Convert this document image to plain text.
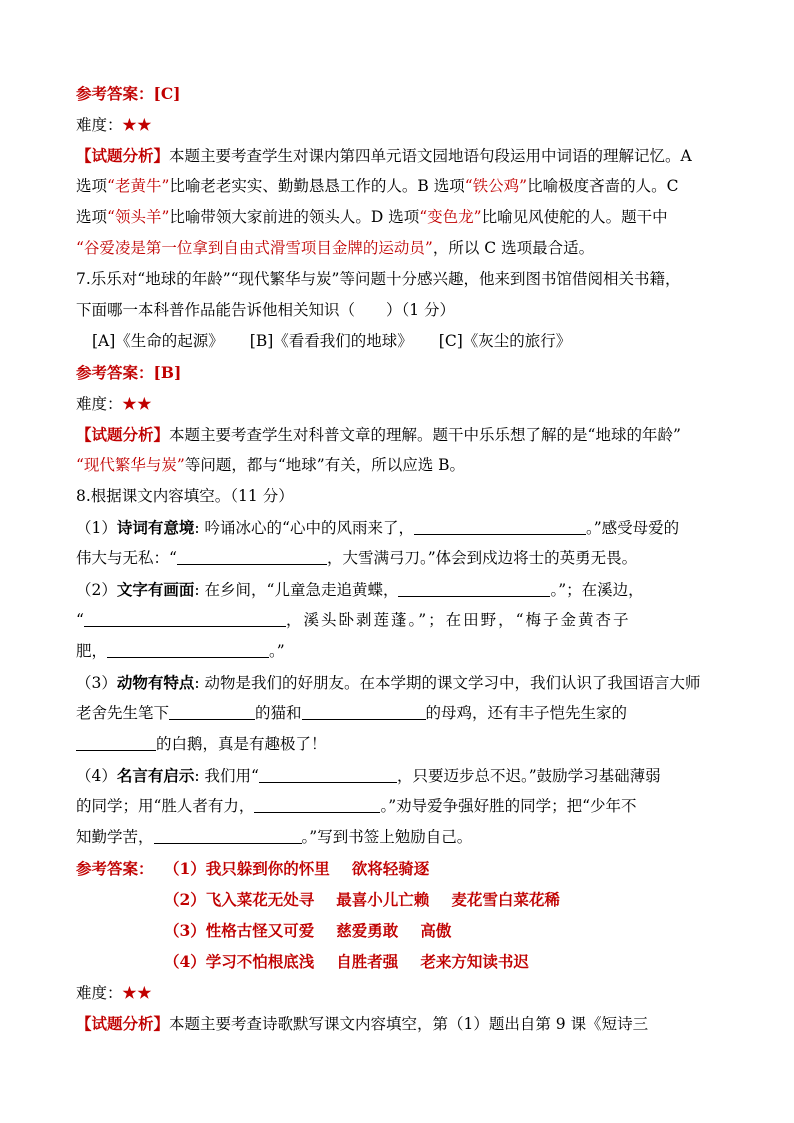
参考答案：[C]
难度：★★
【试题分析】本题主要考查学生对课内第四单元语文园地语句段运用中词语的理解记忆。A
选项“老黄牛”比喻老老实实、勤勤恳恳工作的人。B 选项“铁公鸡”比喻极度吝啬的人。C
选项“领头羊”比喻带领大家前进的领头人。D 选项“变色龙”比喻见风使舵的人。题干中
“谷爱凌是第一位拿到自由式滑雪项目金牌的运动员”，所以 C 选项最合适。
7.乐乐对“地球的年龄”“现代繁华与炭”等问题十分感兴趣，他来到图书馆借阅相关书籍，
下面哪一本科普作品能告诉他相关知识（　　）（1 分）
[A]《生命的起源》 [B]《看看我们的地球》 [C]《灰尘的旅行》
参考答案：[B]
难度：★★
【试题分析】本题主要考查学生对科普文章的理解。题干中乐乐想了解的是“地球的年龄”
“现代繁华与炭”等问题，都与“地球”有关，所以应选 B。
8.根据课文内容填空。（11 分）
（1）诗词有意境: 吟诵冰心的“心中的风雨来了，	。”感受母爱的
伟大与无私：“	，大雪满弓刀。”体会到戍边将士的英勇无畏。
（2）文字有画面: 在乡间，“儿童急走追黄蝶，	。”；在溪边，
“	，溪头卧剥莲蓬。”；在田野，“梅子金黄杏子
肥，	。”
（3）动物有特点: 动物是我们的好朋友。在本学期的课文学习中，我们认识了我国语言大师
老舍先生笔下	的猫和	的母鸡，还有丰子恺先生家的
的白鹅，真是有趣极了！
（4）名言有启示: 我们用“	，只要迈步总不迟。”鼓励学习基础薄弱
的同学；用“胜人者有力，	。”劝导爱争强好胜的同学；把“少年不
知勤学苦，	。”写到书签上勉励自己。
参考答案： （1）我只躲到你的怀里 欲将轻骑逐
（2）飞入菜花无处寻 最喜小儿亡赖 麦花雪白菜花稀
（3）性格古怪又可爱 慈爱勇敢 高傲
（4）学习不怕根底浅 自胜者强 老来方知读书迟
难度：★★
【试题分析】本题主要考查诗歌默写课文内容填空，第（1）题出自第 9 课《短诗三
